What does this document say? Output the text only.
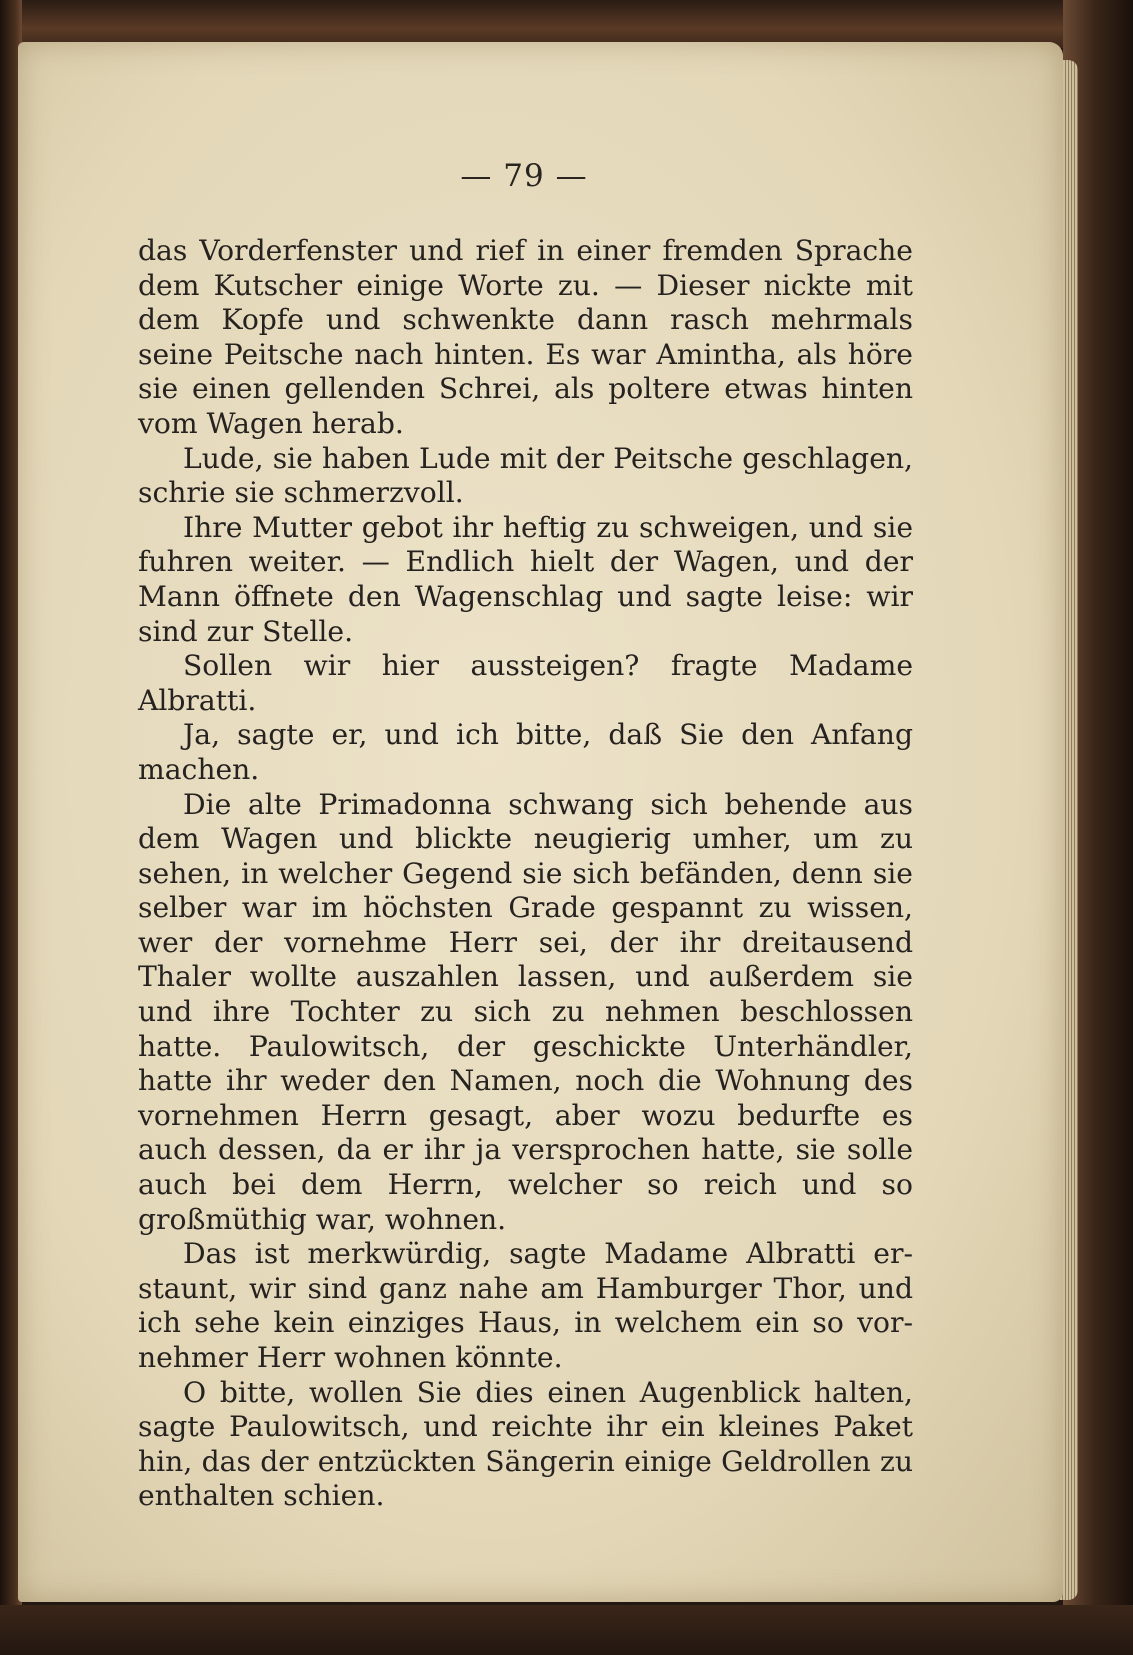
— 79 —

das Vorderfenster und rief in einer fremden Sprache dem Kutscher einige Worte zu. — Dieser nickte mit dem Kopfe und schwenkte dann rasch mehrmals seine Peitsche nach hinten. Es war Amintha, als höre sie einen gellenden Schrei, als poltere etwas hinten vom Wagen herab.

Lude, sie haben Lude mit der Peitsche geschlagen, schrie sie schmerzvoll.

Ihre Mutter gebot ihr heftig zu schweigen, und sie fuhren weiter. — Endlich hielt der Wagen, und der Mann öffnete den Wagenschlag und sagte leise: wir sind zur Stelle.

Sollen wir hier aussteigen? fragte Madame Albratti.

Ja, sagte er, und ich bitte, daß Sie den Anfang machen.

Die alte Primadonna schwang sich behende aus dem Wagen und blickte neugierig umher, um zu sehen, in welcher Gegend sie sich befänden, denn sie selber war im höchsten Grade gespannt zu wissen, wer der vornehme Herr sei, der ihr dreitausend Thaler wollte auszahlen lassen, und außerdem sie und ihre Tochter zu sich zu nehmen beschlossen hatte. Paulowitsch, der geschickte Unterhändler, hatte ihr weder den Namen, noch die Wohnung des vornehmen Herrn gesagt, aber wozu bedurfte es auch dessen, da er ihr ja versprochen hatte, sie solle auch bei dem Herrn, welcher so reich und so großmüthig war, wohnen.

Das ist merkwürdig, sagte Madame Albratti erstaunt, wir sind ganz nahe am Hamburger Thor, und ich sehe kein einziges Haus, in welchem ein so vornehmer Herr wohnen könnte.

O bitte, wollen Sie dies einen Augenblick halten, sagte Paulowitsch, und reichte ihr ein kleines Paket hin, das der entzückten Sängerin einige Geldrollen zu enthalten schien.
